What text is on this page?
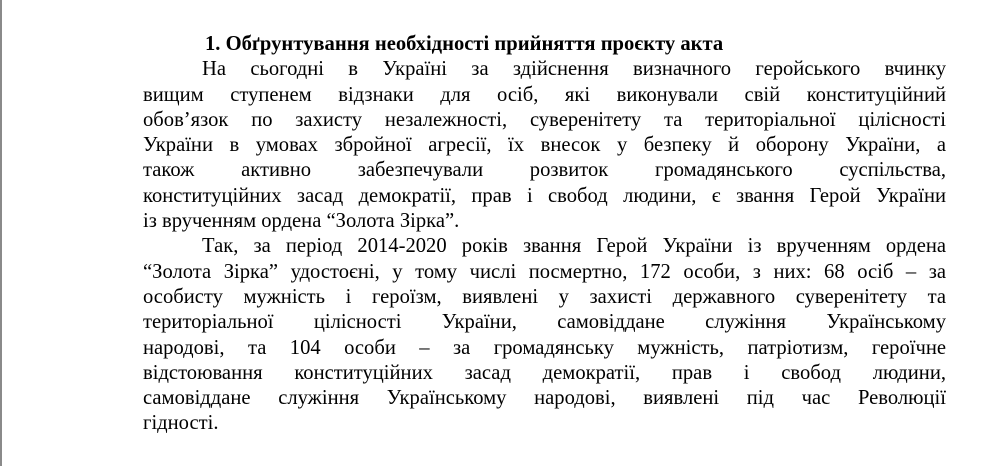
1. Обґрунтування необхідності прийняття проєкту акта

На сьогодні в Україні за здійснення визначного геройського вчинку
вищим ступенем відзнаки для осіб, які виконували свій конституційний
обов’язок по захисту незалежності, суверенітету та територіальної цілісності
України в умовах збройної агресії, їх внесок у безпеку й оборону України, а
також активно забезпечували розвиток громадянського суспільства,
конституційних засад демократії, прав і свобод людини, є звання Герой України
із врученням ордена “Золота Зірка”.
Так, за період 2014-2020 років звання Герой України із врученням ордена
“Золота Зірка” удостоєні, у тому числі посмертно, 172 особи, з них: 68 осіб – за
особисту мужність і героїзм, виявлені у захисті державного суверенітету та
територіальної цілісності України, самовіддане служіння Українському
народові, та 104 особи – за громадянську мужність, патріотизм, героїчне
відстоювання конституційних засад демократії, прав і свобод людини,
самовіддане служіння Українському народові, виявлені під час Революції
гідності.
